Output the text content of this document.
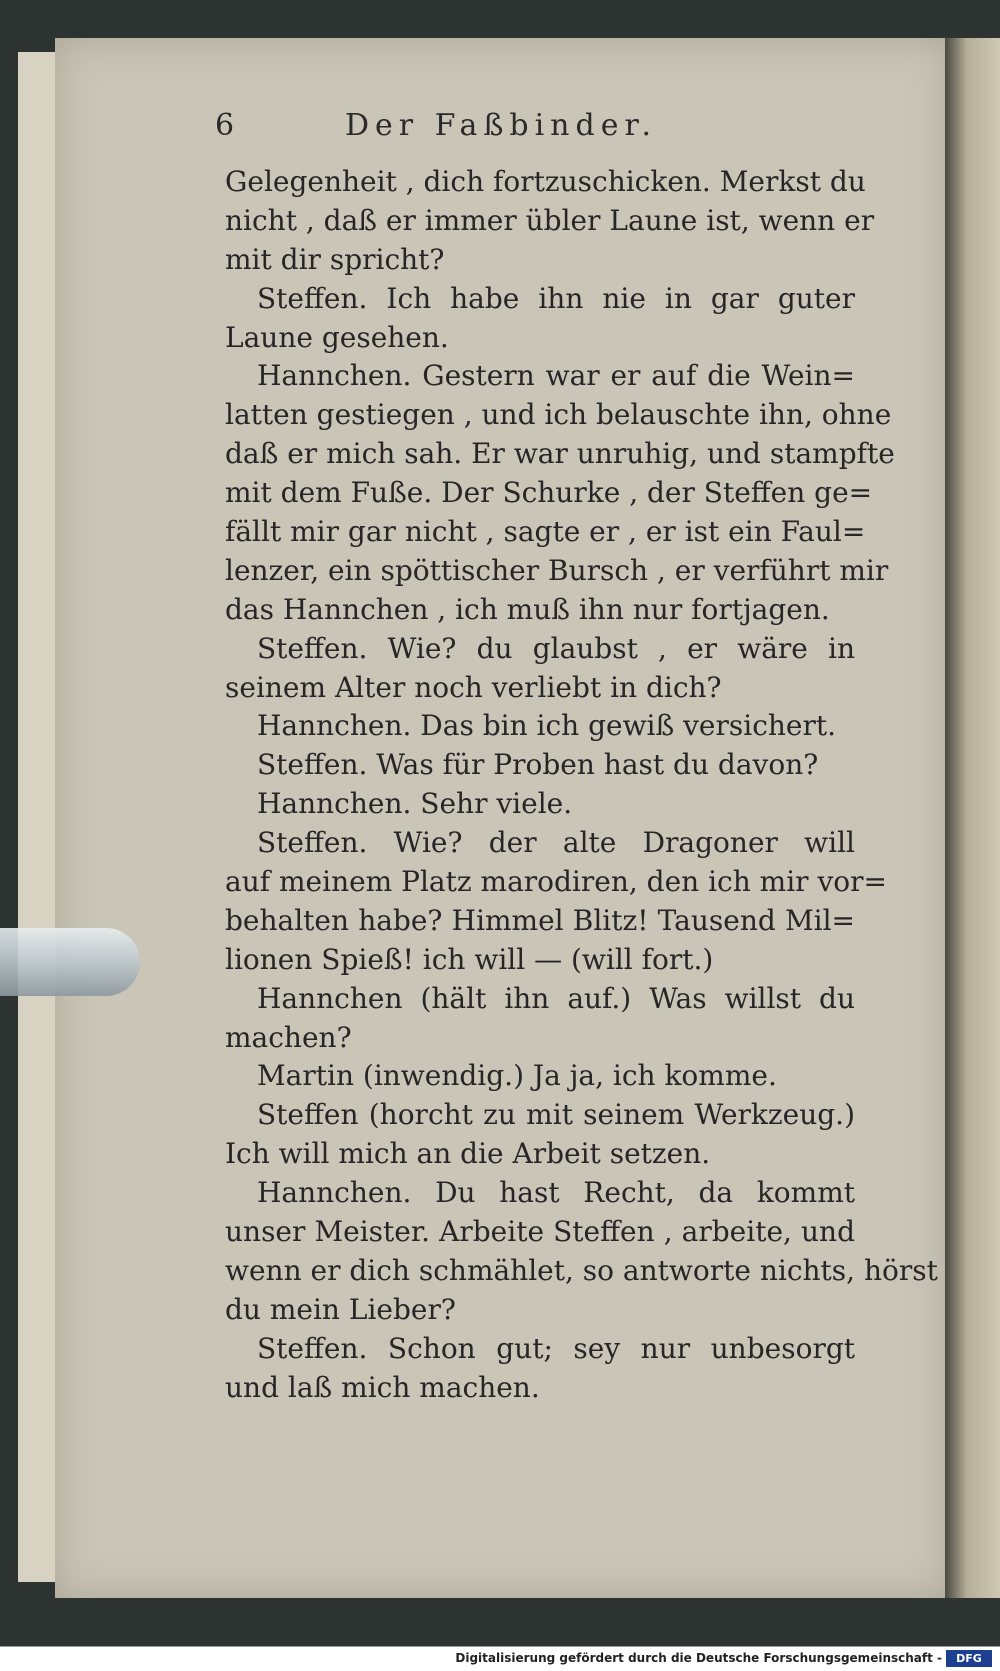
6	Der Faßbinder.
Gelegenheit , dich fortzuschicken. Merkst du
nicht , daß er immer übler Laune ist, wenn er
mit dir spricht?
Steffen. Ich habe ihn nie in gar guter
Laune gesehen.
Hannchen. Gestern war er auf die Wein=
latten gestiegen , und ich belauschte ihn, ohne
daß er mich sah. Er war unruhig, und stampfte
mit dem Fuße. Der Schurke , der Steffen ge=
fällt mir gar nicht , sagte er , er ist ein Faul=
lenzer, ein spöttischer Bursch , er verführt mir
das Hannchen , ich muß ihn nur fortjagen.
Steffen. Wie? du glaubst , er wäre in
seinem Alter noch verliebt in dich?
Hannchen. Das bin ich gewiß versichert.
Steffen. Was für Proben hast du davon?
Hannchen. Sehr viele.
Steffen. Wie? der alte Dragoner will
auf meinem Platz marodiren, den ich mir vor=
behalten habe? Himmel Blitz! Tausend Mil=
lionen Spieß! ich will — (will fort.)
Hannchen (hält ihn auf.) Was willst du
machen?
Martin (inwendig.) Ja ja, ich komme.
Steffen (horcht zu mit seinem Werkzeug.)
Ich will mich an die Arbeit setzen.
Hannchen. Du hast Recht, da kommt
unser Meister. Arbeite Steffen , arbeite, und
wenn er dich schmählet, so antworte nichts, hörst
du mein Lieber?
Steffen. Schon gut; sey nur unbesorgt
und laß mich machen.
Digitalisierung gefördert durch die Deutsche Forschungsgemeinschaft -	DFG
